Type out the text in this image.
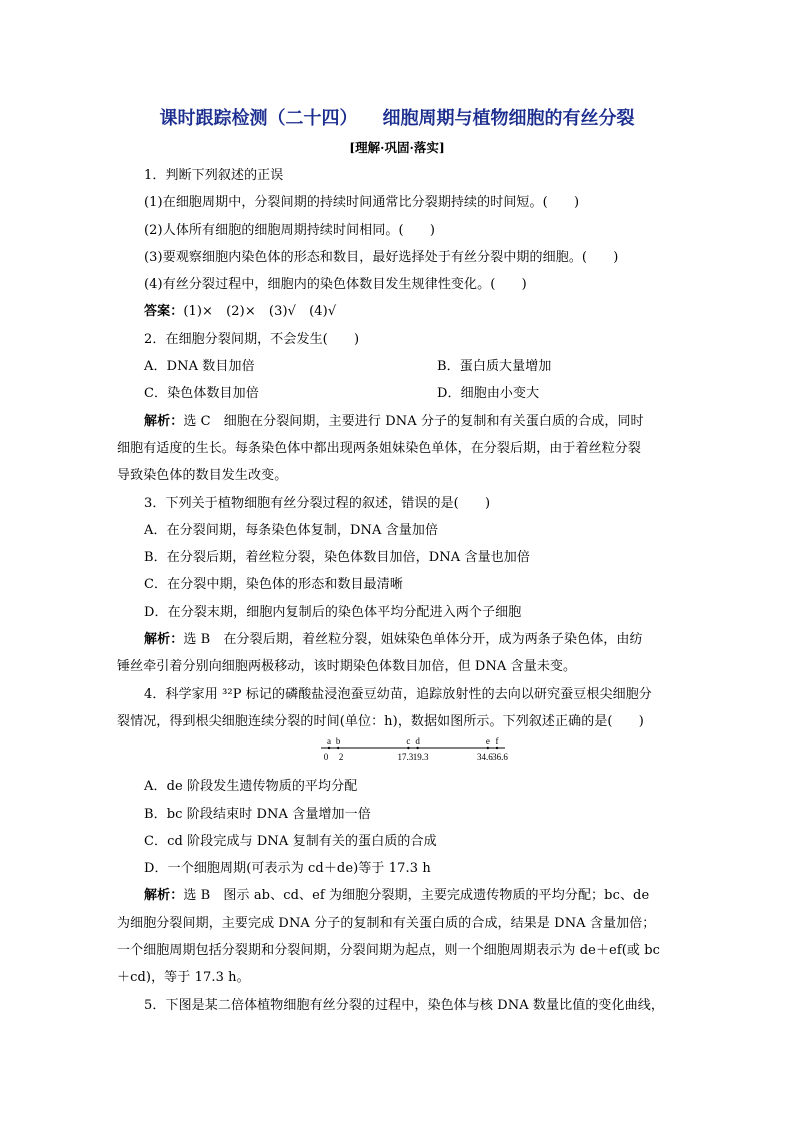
课时跟踪检测（二十四）    细胞周期与植物细胞的有丝分裂
[理解·巩固·落实]
1．判断下列叙述的正误
(1)在细胞周期中，分裂间期的持续时间通常比分裂期持续的时间短。(　　)
(2)人体所有细胞的细胞周期持续时间相同。(　　)
(3)要观察细胞内染色体的形态和数目，最好选择处于有丝分裂中期的细胞。(　　)
(4)有丝分裂过程中，细胞内的染色体数目发生规律性变化。(　　)
答案：(1)×　(2)×　(3)√　(4)√
2．在细胞分裂间期，不会发生(　　)
A．DNA 数目加倍	B．蛋白质大量增加
C．染色体数目加倍	D．细胞由小变大
解析：选 C　细胞在分裂间期，主要进行 DNA 分子的复制和有关蛋白质的合成，同时
细胞有适度的生长。每条染色体中都出现两条姐妹染色单体，在分裂后期，由于着丝粒分裂
导致染色体的数目发生改变。
3．下列关于植物细胞有丝分裂过程的叙述，错误的是(　　)
A．在分裂间期，每条染色体复制，DNA 含量加倍
B．在分裂后期，着丝粒分裂，染色体数目加倍，DNA 含量也加倍
C．在分裂中期，染色体的形态和数目最清晰
D．在分裂末期，细胞内复制后的染色体平均分配进入两个子细胞
解析：选 B　在分裂后期，着丝粒分裂，姐妹染色单体分开，成为两条子染色体，由纺
锤丝牵引着分别向细胞两极移动，该时期染色体数目加倍，但 DNA 含量未变。
4．科学家用 ³²P 标记的磷酸盐浸泡蚕豆幼苗，追踪放射性的去向以研究蚕豆根尖细胞分
裂情况，得到根尖细胞连续分裂的时间(单位：h)，数据如图所示。下列叙述正确的是(　　)
a
0
b
2
c
17.3
d
19.3
e
34.6
f
36.6
A．de 阶段发生遗传物质的平均分配
B．bc 阶段结束时 DNA 含量增加一倍
C．cd 阶段完成与 DNA 复制有关的蛋白质的合成
D．一个细胞周期(可表示为 cd＋de)等于 17.3 h
解析：选 B　图示 ab、cd、ef 为细胞分裂期，主要完成遗传物质的平均分配；bc、de
为细胞分裂间期，主要完成 DNA 分子的复制和有关蛋白质的合成，结果是 DNA 含量加倍；
一个细胞周期包括分裂期和分裂间期，分裂间期为起点，则一个细胞周期表示为 de＋ef(或 bc
＋cd)，等于 17.3 h。
5．下图是某二倍体植物细胞有丝分裂的过程中，染色体与核 DNA 数量比值的变化曲线，
